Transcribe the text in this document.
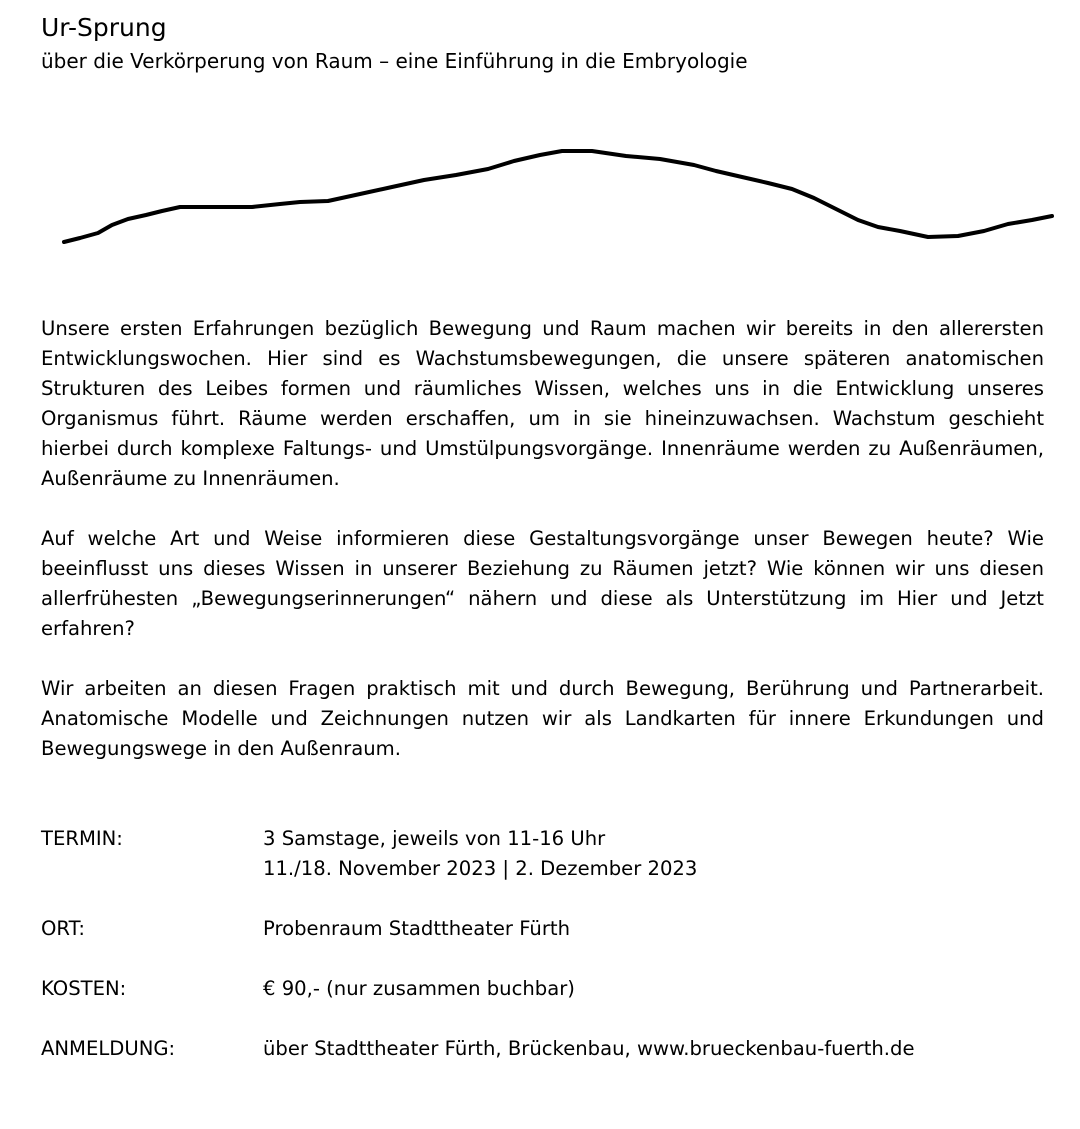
Ur-Sprung

über die Verkörperung von Raum – eine Einführung in die Embryologie

Unsere ersten Erfahrungen bezüglich Bewegung und Raum machen wir bereits in den allerersten Entwicklungswochen. Hier sind es Wachstumsbewegungen, die unsere späteren anatomischen Strukturen des Leibes formen und räumliches Wissen, welches uns in die Entwicklung unseres Organismus führt. Räume werden erschaffen, um in sie hineinzuwachsen. Wachstum geschieht hierbei durch komplexe Faltungs- und Umstülpungsvorgänge. Innenräume werden zu Außenräumen, Außenräume zu Innenräumen.

Auf welche Art und Weise informieren diese Gestaltungsvorgänge unser Bewegen heute? Wie beeinflusst uns dieses Wissen in unserer Beziehung zu Räumen jetzt? Wie können wir uns diesen allerfrühesten „Bewegungserinnerungen“ nähern und diese als Unterstützung im Hier und Jetzt erfahren?

Wir arbeiten an diesen Fragen praktisch mit und durch Bewegung, Berührung und Partnerarbeit. Anatomische Modelle und Zeichnungen nutzen wir als Landkarten für innere Erkundungen und Bewegungswege in den Außenraum.

TERMIN:	3 Samstage, jeweils von 11-16 Uhr

11./18. November 2023 | 2. Dezember 2023

ORT:	Probenraum Stadttheater Fürth

KOSTEN:	€ 90,- (nur zusammen buchbar)

ANMELDUNG:	über Stadttheater Fürth, Brückenbau, www.brueckenbau-fuerth.de
